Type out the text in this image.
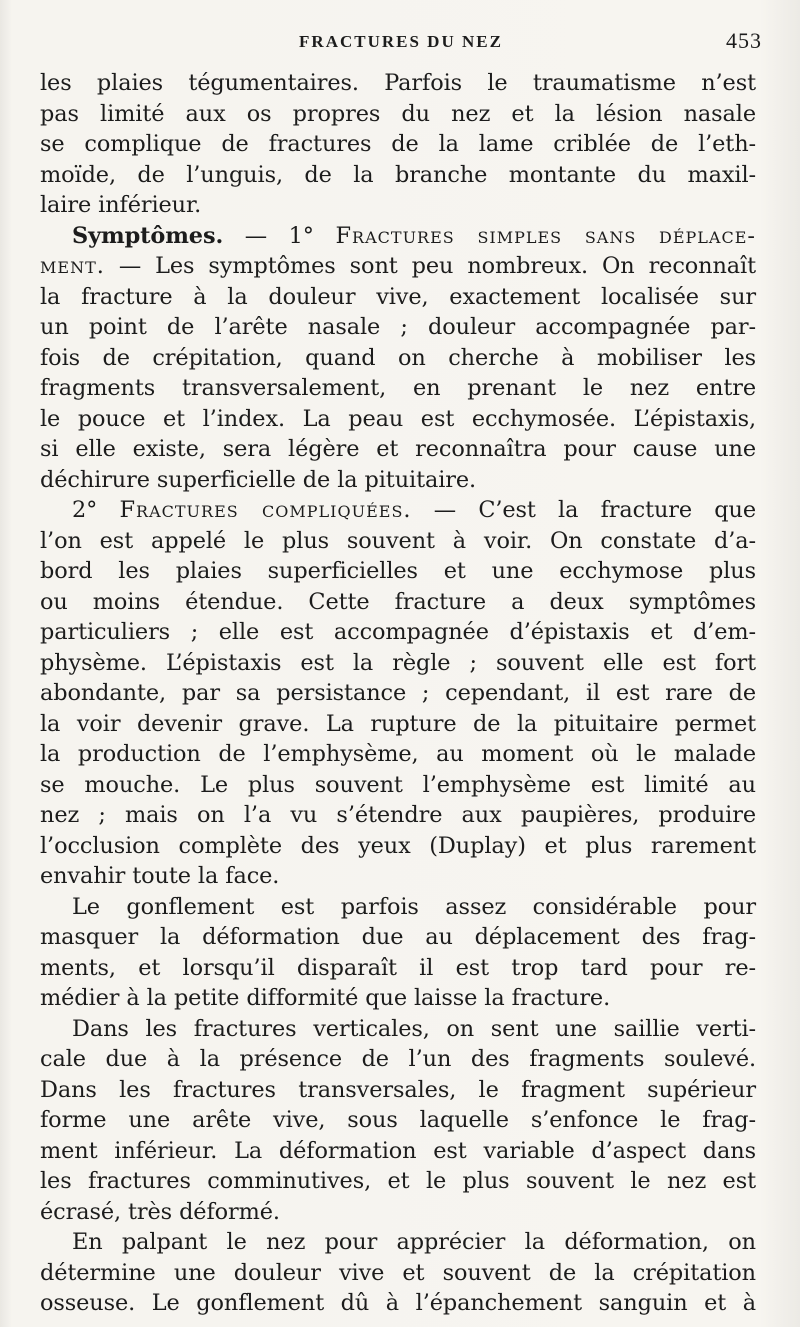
FRACTURES DU NEZ	453
les plaies tégumentaires. Parfois le traumatisme n’est
pas limité aux os propres du nez et la lésion nasale
se complique de fractures de la lame criblée de l’eth-
moïde, de l’unguis, de la branche montante du maxil-
laire inférieur.
Symptômes. — 1° Fractures simples sans déplace-
ment. — Les symptômes sont peu nombreux. On reconnaît
la fracture à la douleur vive, exactement localisée sur
un point de l’arête nasale ; douleur accompagnée par-
fois de crépitation, quand on cherche à mobiliser les
fragments transversalement, en prenant le nez entre
le pouce et l’index. La peau est ecchymosée. L’épistaxis,
si elle existe, sera légère et reconnaîtra pour cause une
déchirure superficielle de la pituitaire.
2° Fractures compliquées. — C’est la fracture que
l’on est appelé le plus souvent à voir. On constate d’a-
bord les plaies superficielles et une ecchymose plus
ou moins étendue. Cette fracture a deux symptômes
particuliers ; elle est accompagnée d’épistaxis et d’em-
physème. L’épistaxis est la règle ; souvent elle est fort
abondante, par sa persistance ; cependant, il est rare de
la voir devenir grave. La rupture de la pituitaire permet
la production de l’emphysème, au moment où le malade
se mouche. Le plus souvent l’emphysème est limité au
nez ; mais on l’a vu s’étendre aux paupières, produire
l’occlusion complète des yeux (Duplay) et plus rarement
envahir toute la face.
Le gonflement est parfois assez considérable pour
masquer la déformation due au déplacement des frag-
ments, et lorsqu’il disparaît il est trop tard pour re-
médier à la petite difformité que laisse la fracture.
Dans les fractures verticales, on sent une saillie verti-
cale due à la présence de l’un des fragments soulevé.
Dans les fractures transversales, le fragment supérieur
forme une arête vive, sous laquelle s’enfonce le frag-
ment inférieur. La déformation est variable d’aspect dans
les fractures comminutives, et le plus souvent le nez est
écrasé, très déformé.
En palpant le nez pour apprécier la déformation, on
détermine une douleur vive et souvent de la crépitation
osseuse. Le gonflement dû à l’épanchement sanguin et à
